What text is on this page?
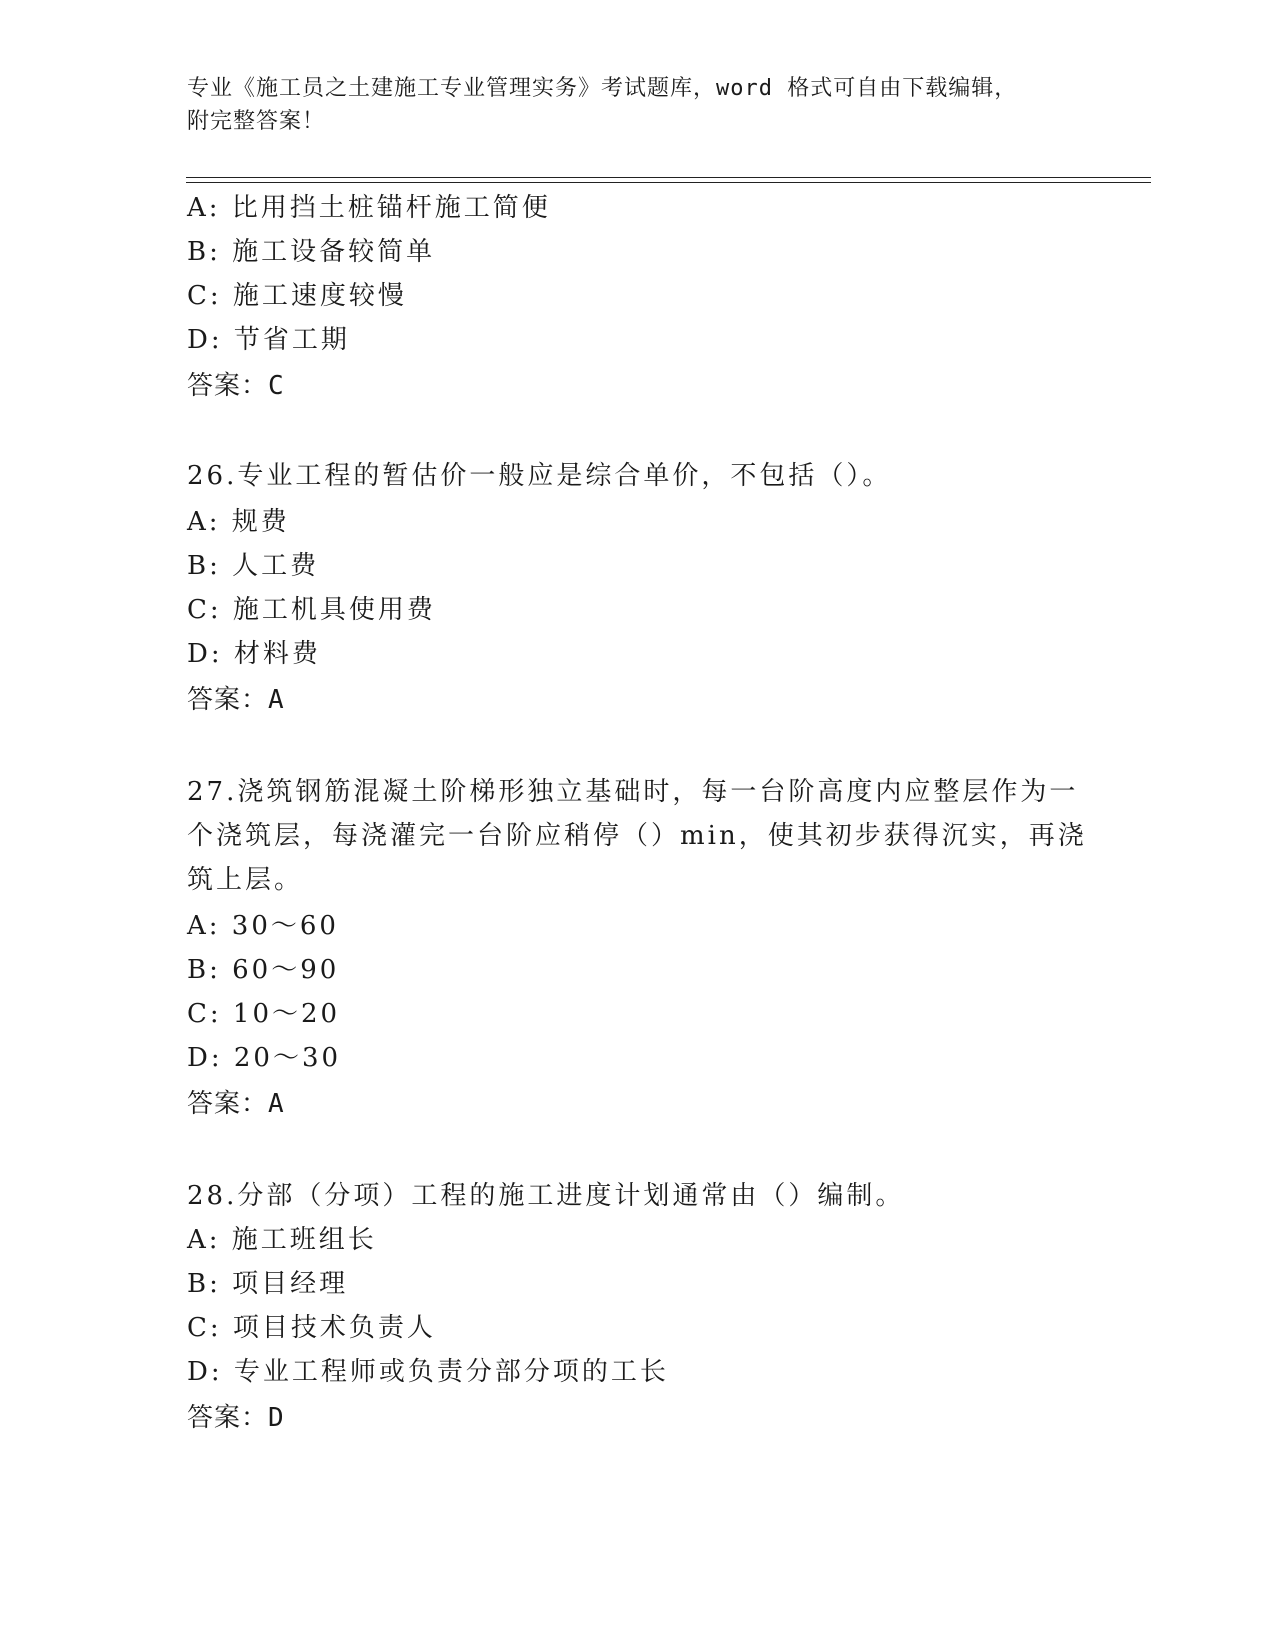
专业《施工员之土建施工专业管理实务》考试题库，word 格式可自由下载编辑，
附完整答案！
A: 比用挡土桩锚杆施工简便
B: 施工设备较简单
C: 施工速度较慢
D: 节省工期
答案：C
26.专业工程的暂估价一般应是综合单价，不包括（）。
A: 规费
B: 人工费
C: 施工机具使用费
D: 材料费
答案：A
27.浇筑钢筋混凝土阶梯形独立基础时，每一台阶高度内应整层作为一
个浇筑层，每浇灌完一台阶应稍停（）min，使其初步获得沉实，再浇
筑上层。
A: 30～60
B: 60～90
C: 10～20
D: 20～30
答案：A
28.分部（分项）工程的施工进度计划通常由（）编制。
A: 施工班组长
B: 项目经理
C: 项目技术负责人
D: 专业工程师或负责分部分项的工长
答案：D
